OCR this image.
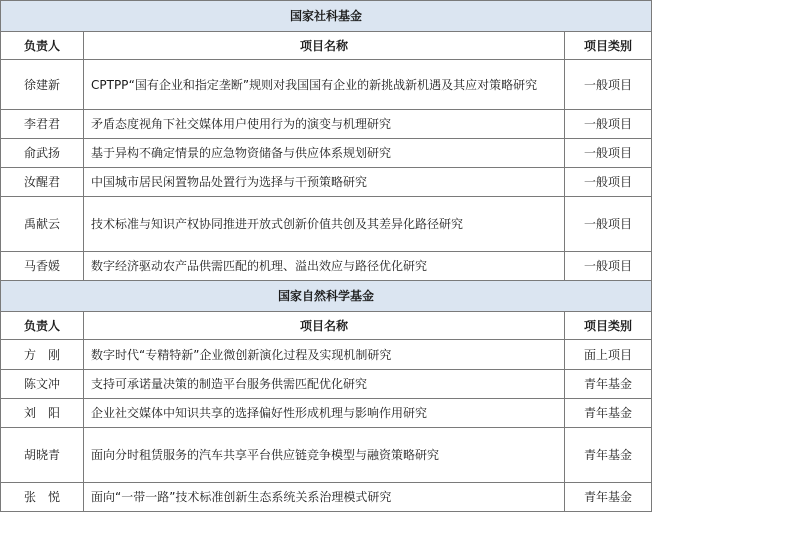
国家社科基金		
负责人	项目名称	项目类别
徐建新	CPTPP“国有企业和指定垄断”规则对我国国有企业的新挑战新机遇及其应对策略研究	一般项目
李君君	矛盾态度视角下社交媒体用户使用行为的演变与机理研究	一般项目
俞武扬	基于异构不确定情景的应急物资储备与供应体系规划研究	一般项目
汝醒君	中国城市居民闲置物品处置行为选择与干预策略研究	一般项目
禹献云	技术标准与知识产权协同推进开放式创新价值共创及其差异化路径研究	一般项目
马香媛	数字经济驱动农产品供需匹配的机理、溢出效应与路径优化研究	一般项目
国家自然科学基金		
负责人	项目名称	项目类别
方　刚	数字时代“专精特新”企业微创新演化过程及实现机制研究	面上项目
陈文冲	支持可承诺量决策的制造平台服务供需匹配优化研究	青年基金
刘　阳	企业社交媒体中知识共享的选择偏好性形成机理与影响作用研究	青年基金
胡晓青	面向分时租赁服务的汽车共享平台供应链竞争模型与融资策略研究	青年基金
张　悦	面向“一带一路”技术标准创新生态系统关系治理模式研究	青年基金
